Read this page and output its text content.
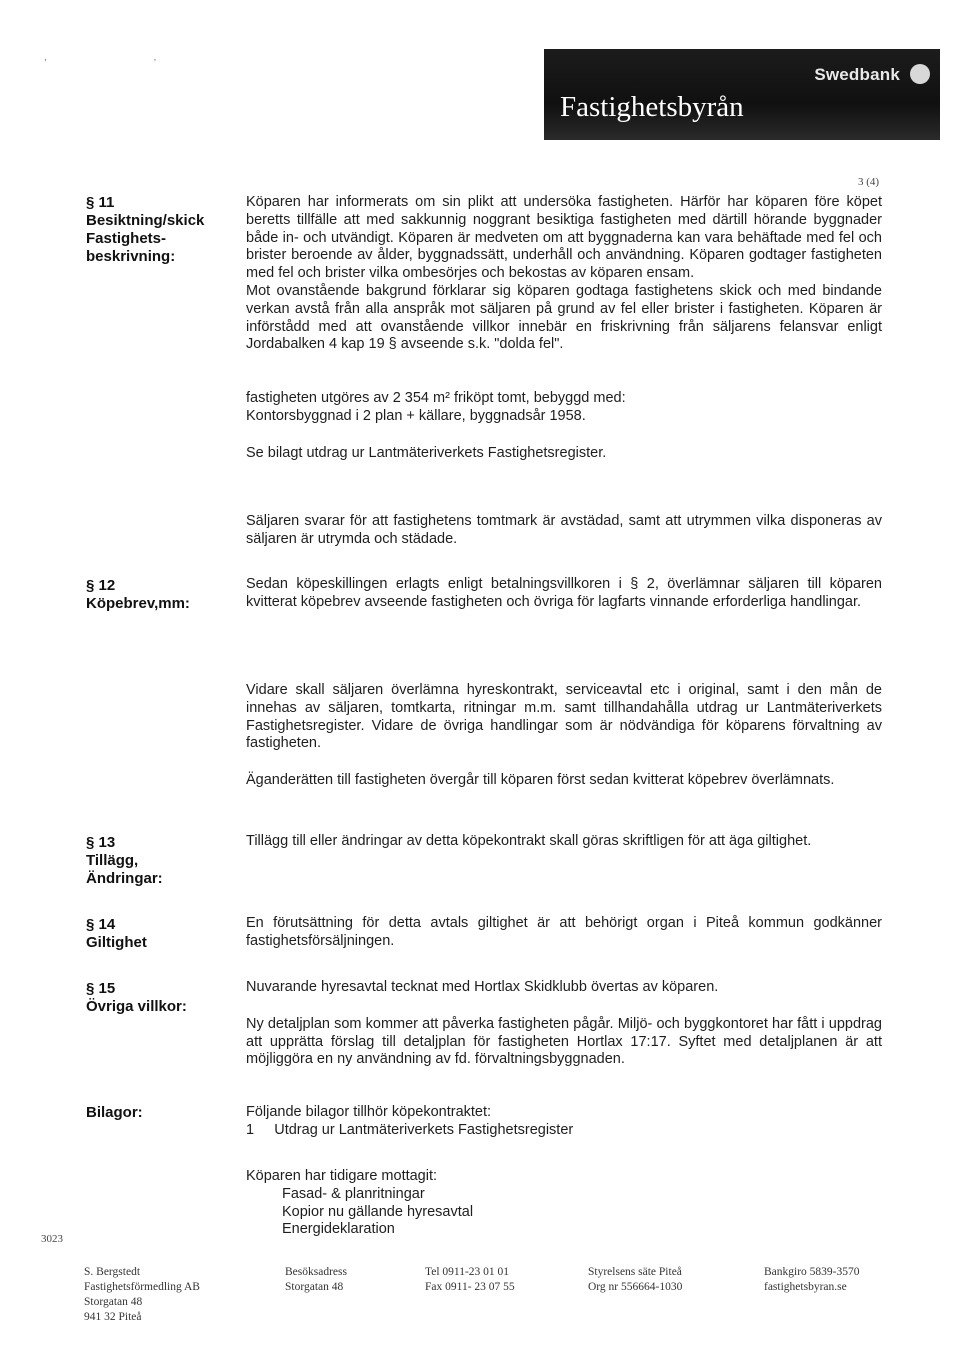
, ,
Swedbank
Fastighetsbyrån
3 (4)
§ 11
Besiktning/skick
Fastighets-
beskrivning:

Köparen har informerats om sin plikt att undersöka fastigheten. Härför har köparen före köpet beretts tillfälle att med sakkunnig noggrant besiktiga fastigheten med därtill hörande byggnader både in- och utvändigt. Köparen är medveten om att byggnaderna kan vara behäftade med fel och brister beroende av ålder, byggnadssätt, underhåll och användning. Köparen godtager fastigheten med fel och brister vilka ombesörjes och bekostas av köparen ensam.

Mot ovanstående bakgrund förklarar sig köparen godtaga fastighetens skick och med bindande verkan avstå från alla anspråk mot säljaren på grund av fel eller brister i fastigheten. Köparen är införstådd med att ovanstående villkor innebär en friskrivning från säljarens felansvar enligt Jordabalken 4 kap 19 § avseende s.k. "dolda fel".

fastigheten utgöres av 2 354 m² friköpt tomt, bebyggd med:

Kontorsbyggnad i 2 plan + källare, byggnadsår 1958.

Se bilagt utdrag ur Lantmäteriverkets Fastighetsregister.

Säljaren svarar för att fastighetens tomtmark är avstädad, samt att utrymmen vilka disponeras av säljaren är utrymda och städade.

§ 12
Köpebrev,mm:

Sedan köpeskillingen erlagts enligt betalningsvillkoren i § 2, överlämnar säljaren till köparen kvitterat köpebrev avseende fastigheten och övriga för lagfarts vinnande erforderliga handlingar.

Vidare skall säljaren överlämna hyreskontrakt, serviceavtal etc i original, samt i den mån de innehas av säljaren, tomtkarta, ritningar m.m. samt tillhandahålla utdrag ur Lantmäteriverkets Fastighetsregister. Vidare de övriga handlingar som är nödvändiga för köparens förvaltning av fastigheten.

Äganderätten till fastigheten övergår till köparen först sedan kvitterat köpebrev överlämnats.

§ 13
Tillägg,
Ändringar:

Tillägg till eller ändringar av detta köpekontrakt skall göras skriftligen för att äga giltighet.

§ 14
Giltighet

En förutsättning för detta avtals giltighet är att behörigt organ i Piteå kommun godkänner fastighetsförsäljningen.

§ 15
Övriga villkor:

Nuvarande hyresavtal tecknat med Hortlax Skidklubb övertas av köparen.

Ny detaljplan som kommer att påverka fastigheten pågår. Miljö- och byggkontoret har fått i uppdrag att upprätta förslag till detaljplan för fastigheten Hortlax 17:17. Syftet med detaljplanen är att möjliggöra en ny användning av fd. förvaltningsbyggnaden.

Bilagor:	Följande bilagor tillhör köpekontraktet:

1 Utdrag ur Lantmäteriverkets Fastighetsregister

Köparen har tidigare mottagit:

Fasad- & planritningar

Kopior nu gällande hyresavtal

Energideklaration

3023
S. Bergstedt
Fastighetsförmedling AB
Storgatan 48
941 32 Piteå
Besöksadress
Storgatan 48
Tel 0911-23 01 01
Fax 0911- 23 07 55
Styrelsens säte Piteå
Org nr 556664-1030
Bankgiro 5839-3570
fastighetsbyran.se
